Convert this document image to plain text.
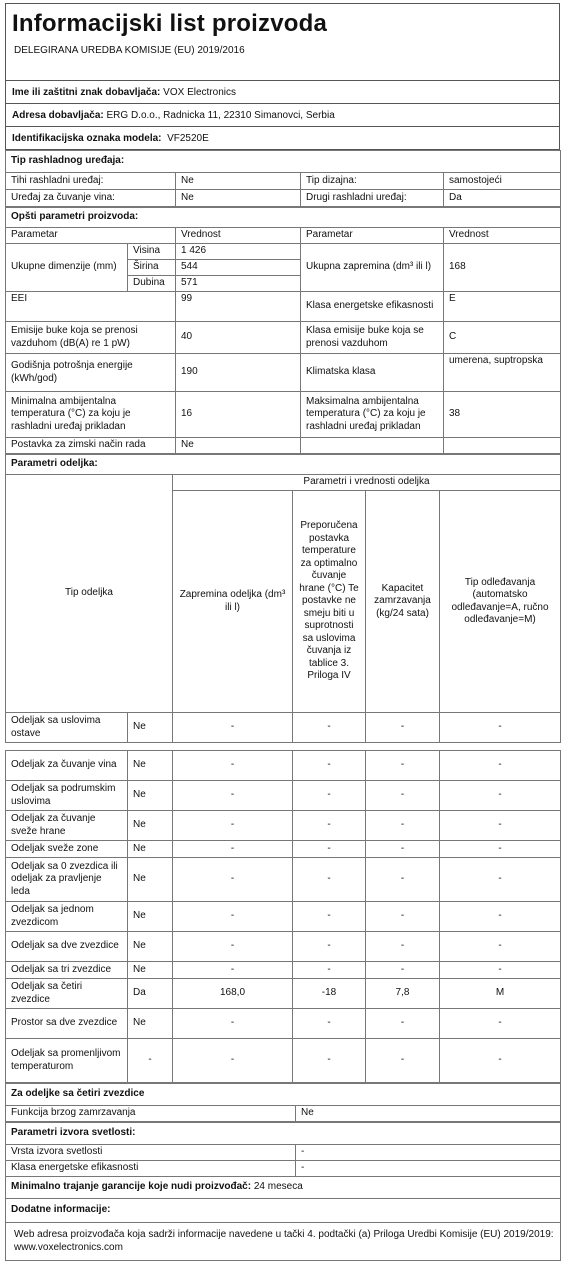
Informacijski list proizvoda
DELEGIRANA UREDBA KOMISIJE (EU) 2019/2016
Ime ili zaštitni znak dobavljača:
VOX Electronics
Adresa dobavljača:
ERG D.o.o., Radnicka 11, 22310 Simanovci, Serbia
Identifikacijska oznaka modela:
VF2520E
Tip rashladnog uređaja:			
Tihi rashladni uređaj:	Ne	Tip dizajna:	samostojeći
Uređaj za čuvanje vina:	Ne	Drugi rashladni uređaj:	Da
Opšti parametri proizvoda:				
Parametar		Vrednost	Parametar	Vrednost
Ukupne dimenzije (mm)	Visina	1 426	Ukupna zapremina (dm³ ili l)	168
	Širina	544		
	Dubina	571		
EEI		99	Klasa energetske efikasnosti	E
Emisije buke koja se prenosi vazduhom (dB(A) re 1 pW)		40	Klasa emisije buke koja se prenosi vazduhom	C
Godišnja potrošnja energije (kWh/god)		190	Klimatska klasa	umerena, suptropska
Minimalna ambijentalna temperatura (°C) za koju je rashladni uređaj prikladan		16	Maksimalna ambijentalna temperatura (°C) za koju je rashladni uređaj prikladan	38
Postavka za zimski način rada		Ne		
Parametri odeljka:					
Tip odeljka		Parametri i vrednosti odeljka			
		Zapremina odeljka (dm³ ili l)	Preporučena postavka temperature za optimalno čuvanje hrane (°C) Te postavke ne smeju biti u suprotnosti sa uslovima čuvanja iz tablice 3. Priloga IV	Kapacitet zamrzavanja (kg/24 sata)	Tip odleđavanja (automatsko odleđavanje=A, ručno odleđavanje=M)
Odeljak sa uslovima ostave	Ne	-	-	-	-

Odeljak za čuvanje vina	Ne	-	-	-	-
Odeljak sa podrumskim uslovima	Ne	-	-	-	-
Odeljak za čuvanje sveže hrane	Ne	-	-	-	-
Odeljak sveže zone	Ne	-	-	-	-
Odeljak sa 0 zvezdica ili odeljak za pravljenje leda	Ne	-	-	-	-
Odeljak sa jednom zvezdicom	Ne	-	-	-	-
Odeljak sa dve zvezdice	Ne	-	-	-	-
Odeljak sa tri zvezdice	Ne	-	-	-	-
Odeljak sa četiri zvezdice	Da	168,0	-18	7,8	M
Prostor sa dve zvezdice	Ne	-	-	-	-
Odeljak sa promenljivom temperaturom	-	-	-	-	-
Za odeljke sa četiri zvezdice
Funkcija brzog zamrzavanja	Ne
Parametri izvora svetlosti:	
Vrsta izvora svetlosti	-
Klasa energetske efikasnosti	-
Minimalno trajanje garancije koje nudi proizvođač: 24 meseca	
Dodatne informacije:	
Web adresa proizvođača koja sadrži informacije navedene u tački 4. podtački (a) Priloga Uredbi Komisije (EU) 2019/2019: www.voxelectronics.com	
